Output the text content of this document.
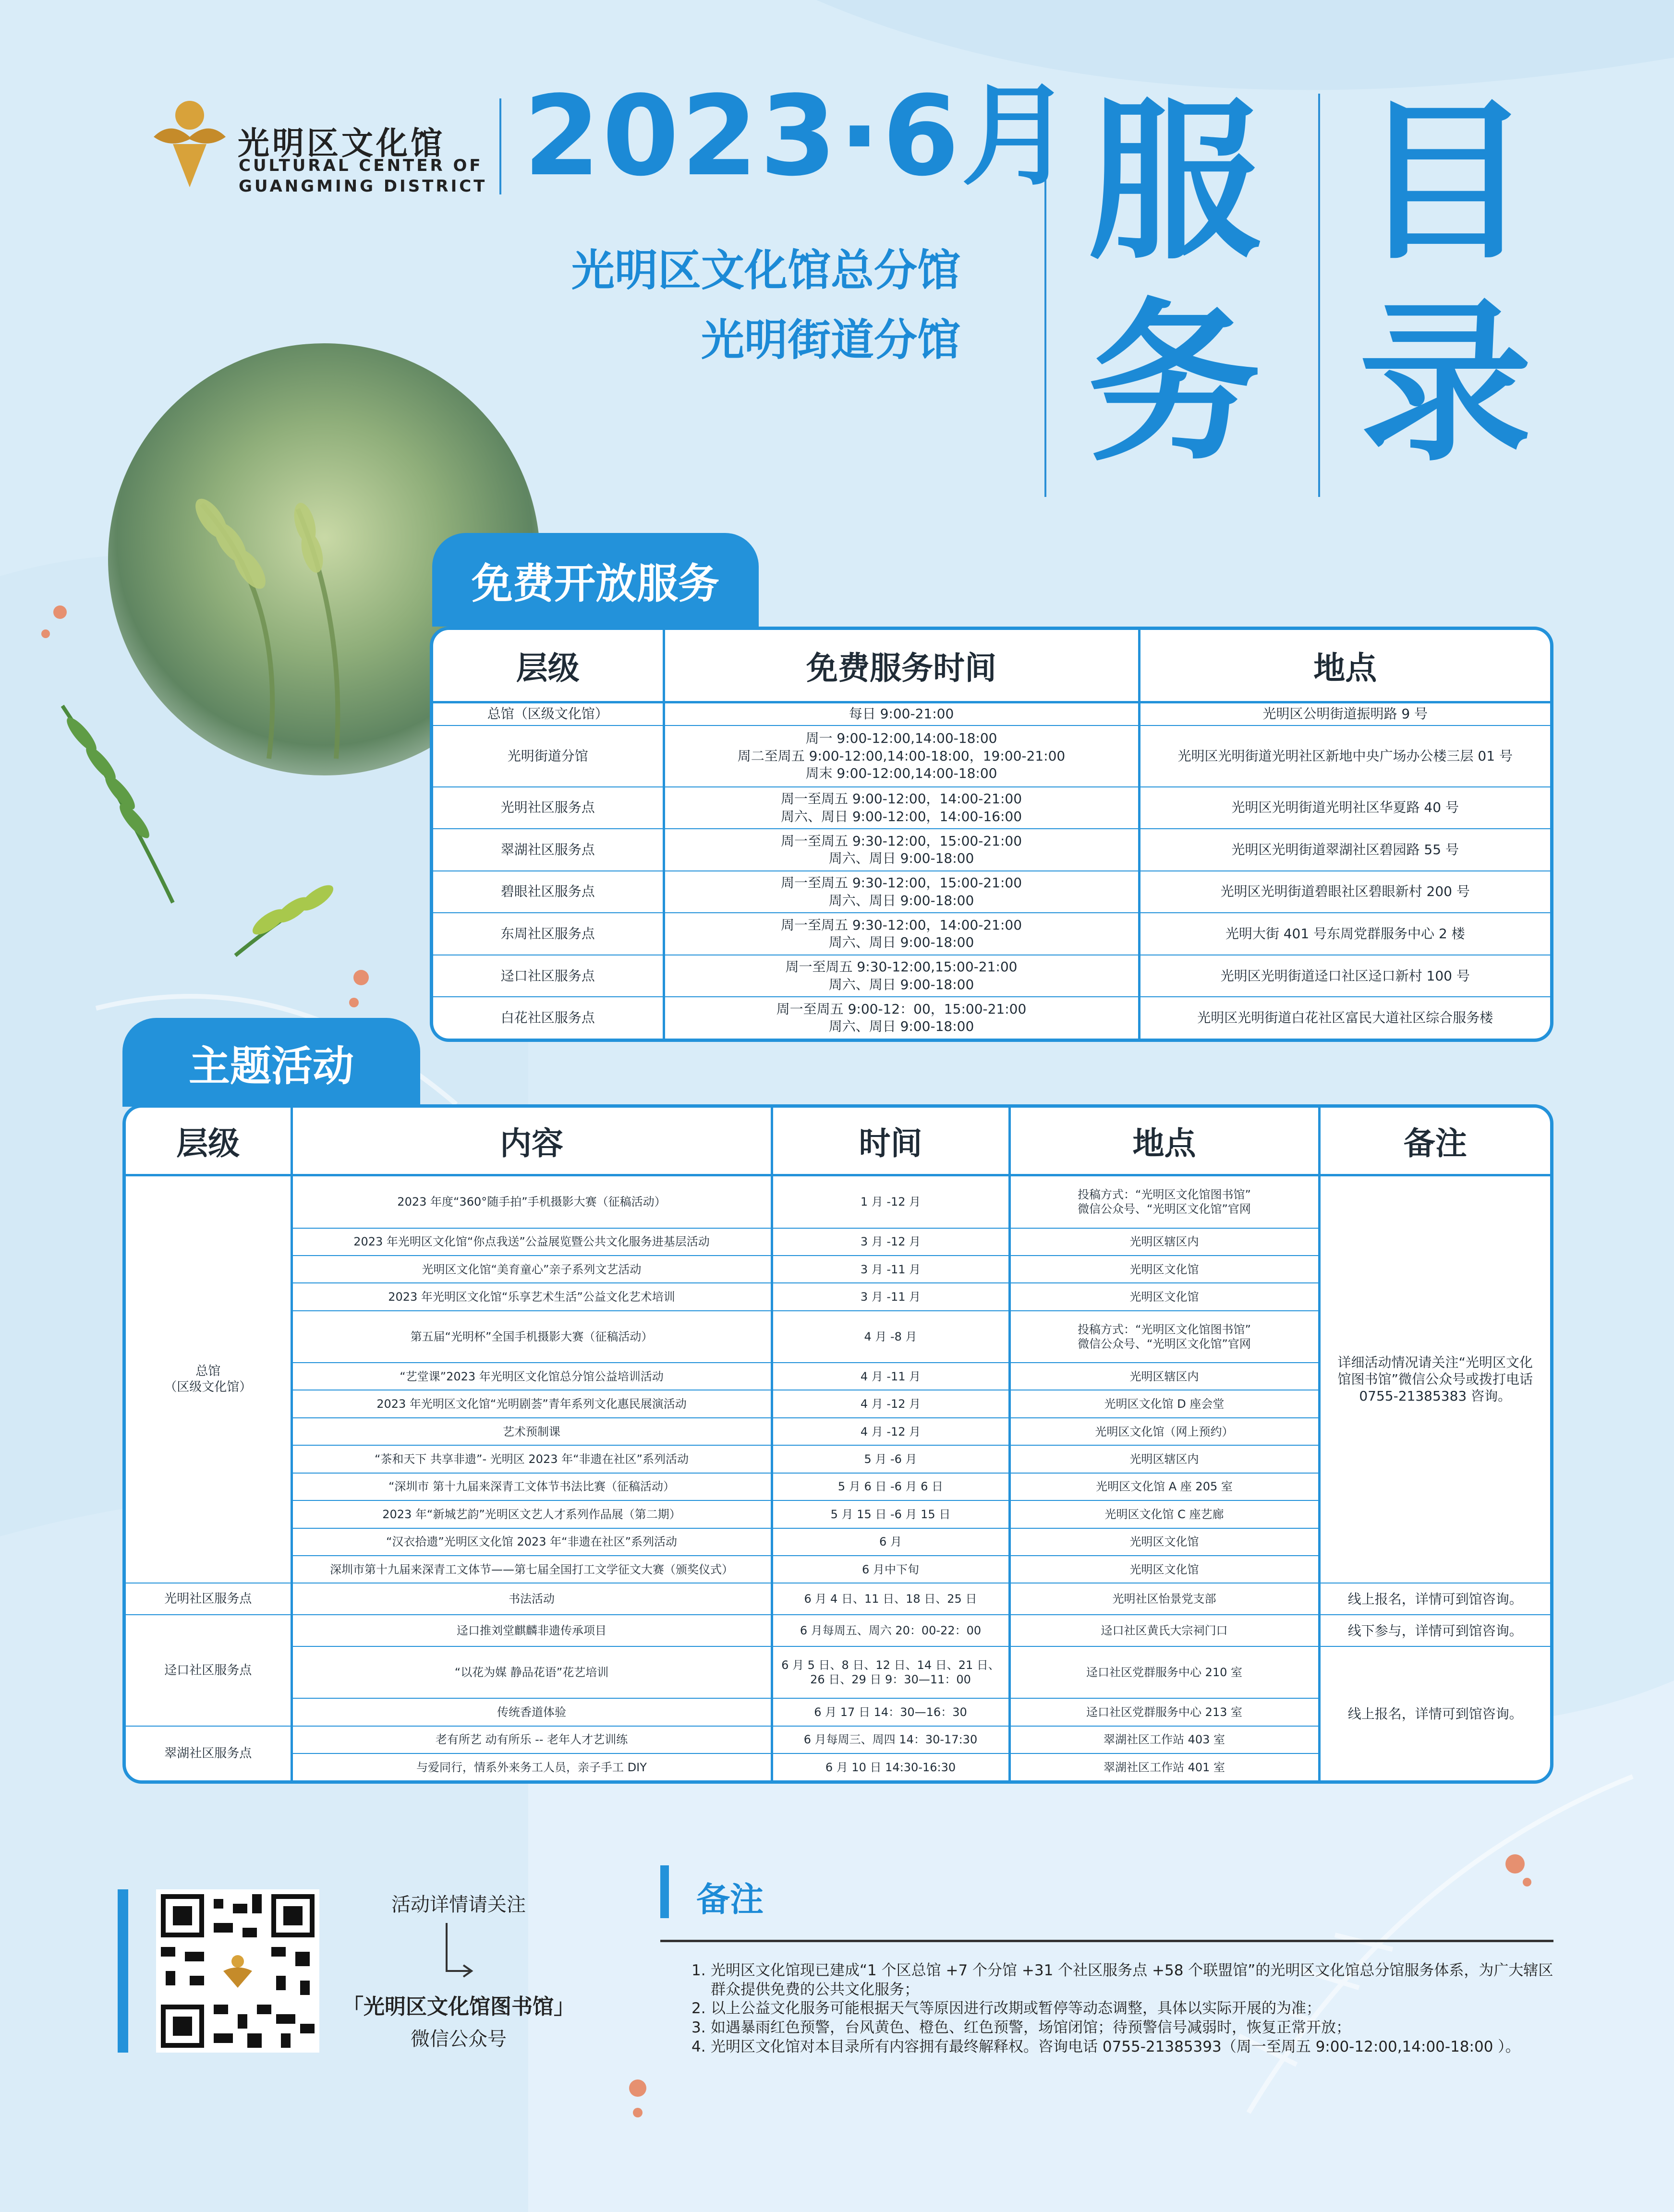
光明区文化馆
CULTURAL CENTER OF
GUANGMING DISTRICT 2023·6月
光明区文化馆总分馆
光明街道分馆
服
务
目
录
免费开放服务
层级	免费服务时间	地点
总馆（区级文化馆）	每日 9:00-21:00	光明区公明街道振明路 9 号
光明街道分馆	周一 9:00-12:00,14:00-18:00
周二至周五 9:00-12:00,14:00-18:00，19:00-21:00
周末 9:00-12:00,14:00-18:00	光明区光明街道光明社区新地中央广场办公楼三层 01 号
光明社区服务点	周一至周五 9:00-12:00，14:00-21:00
周六、周日 9:00-12:00，14:00-16:00	光明区光明街道光明社区华夏路 40 号
翠湖社区服务点	周一至周五 9:30-12:00，15:00-21:00
周六、周日 9:00-18:00	光明区光明街道翠湖社区碧园路 55 号
碧眼社区服务点	周一至周五 9:30-12:00，15:00-21:00
周六、周日 9:00-18:00	光明区光明街道碧眼社区碧眼新村 200 号
东周社区服务点	周一至周五 9:30-12:00，14:00-21:00
周六、周日 9:00-18:00	光明大街 401 号东周党群服务中心 2 楼
迳口社区服务点	周一至周五 9:30-12:00,15:00-21:00
周六、周日 9:00-18:00	光明区光明街道迳口社区迳口新村 100 号
白花社区服务点	周一至周五 9:00-12：00，15:00-21:00
周六、周日 9:00-18:00	光明区光明街道白花社区富民大道社区综合服务楼
主题活动
层级	内容	时间	地点	备注
总馆
（区级文化馆）	2023 年度“360°随手拍”手机摄影大赛（征稿活动）	1 月 -12 月	投稿方式：“光明区文化馆图书馆”
微信公众号、“光明区文化馆”官网	详细活动情况请关注“光明区文化馆图书馆”微信公众号或拨打电话 0755-21385383 咨询。
	2023 年光明区文化馆“你点我送”公益展览暨公共文化服务进基层活动	3 月 -12 月	光明区辖区内	
	光明区文化馆“美育童心”亲子系列文艺活动	3 月 -11 月	光明区文化馆	
	2023 年光明区文化馆“乐享艺术生活”公益文化艺术培训	3 月 -11 月	光明区文化馆	
	第五届“光明杯”全国手机摄影大赛（征稿活动）	4 月 -8 月	投稿方式：“光明区文化馆图书馆”
微信公众号、“光明区文化馆”官网	
	“艺堂课”2023 年光明区文化馆总分馆公益培训活动	4 月 -11 月	光明区辖区内	
	2023 年光明区文化馆“光明剧荟”青年系列文化惠民展演活动	4 月 -12 月	光明区文化馆 D 座会堂	
	艺术预制课	4 月 -12 月	光明区文化馆（网上预约）	
	“茶和天下 共享非遗”- 光明区 2023 年“非遗在社区”系列活动	5 月 -6 月	光明区辖区内	
	“深圳市 第十九届来深青工文体节书法比赛（征稿活动）	5 月 6 日 -6 月 6 日	光明区文化馆 A 座 205 室	
	2023 年“新城艺韵”光明区文艺人才系列作品展（第二期）	5 月 15 日 -6 月 15 日	光明区文化馆 C 座艺廊	
	“汉衣拾遗”光明区文化馆 2023 年“非遗在社区”系列活动	6 月	光明区文化馆	
	深圳市第十九届来深青工文体节——第七届全国打工文学征文大赛（颁奖仪式）	6 月中下旬	光明区文化馆	
光明社区服务点	书法活动	6 月 4 日、11 日、18 日、25 日	光明社区怡景党支部	线上报名，详情可到馆咨询。
迳口社区服务点	迳口推刘堂麒麟非遗传承项目	6 月每周五、周六 20：00-22：00	迳口社区黄氏大宗祠门口	线下参与，详情可到馆咨询。
	“以花为媒 静品花语”花艺培训	6 月 5 日、8 日、12 日、14 日、21 日、
26 日、29 日 9：30—11：00	迳口社区党群服务中心 210 室	线上报名，详情可到馆咨询。
	传统香道体验	6 月 17 日 14：30—16：30	迳口社区党群服务中心 213 室	
翠湖社区服务点	老有所艺 动有所乐 -- 老年人才艺训练	6 月每周三、周四 14：30-17:30	翠湖社区工作站 403 室	
	与爱同行，情系外来务工人员，亲子手工 DIY	6 月 10 日 14:30-16:30	翠湖社区工作站 401 室	
活动详情请关注
「光明区文化馆图书馆」
微信公众号
备注
1. 光明区文化馆现已建成“1 个区总馆 +7 个分馆 +31 个社区服务点 +58 个联盟馆”的光明区文化馆总分馆服务体系，为广大辖区群众提供免费的公共文化服务；
2. 以上公益文化服务可能根据天气等原因进行改期或暂停等动态调整，具体以实际开展的为准；
3. 如遇暴雨红色预警，台风黄色、橙色、红色预警，场馆闭馆；待预警信号减弱时，恢复正常开放；
4. 光明区文化馆对本目录所有内容拥有最终解释权。咨询电话 0755-21385393（周一至周五 9:00-12:00,14:00-18:00 ）。
